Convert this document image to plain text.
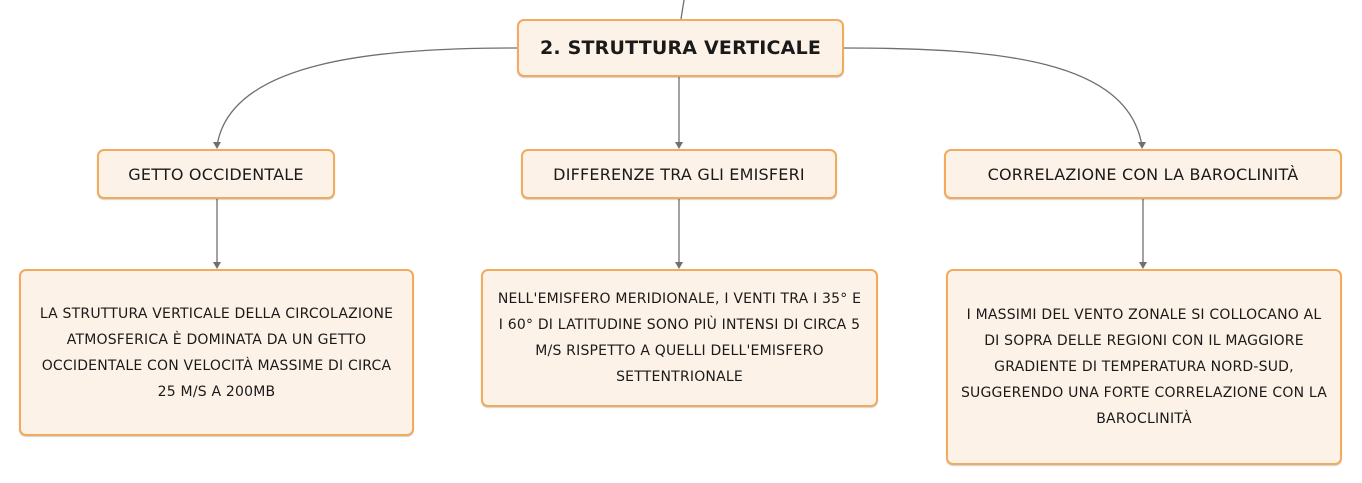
2. STRUTTURA VERTICALE
GETTO OCCIDENTALE	DIFFERENZE TRA GLI EMISFERI	CORRELAZIONE CON LA BAROCLINITÀ
LA STRUTTURA VERTICALE DELLA CIRCOLAZIONE ATMOSFERICA È DOMINATA DA UN GETTO OCCIDENTALE CON VELOCITÀ MASSIME DI CIRCA 25 M/S A 200MB
NELL'EMISFERO MERIDIONALE, I VENTI TRA I 35° E I 60° DI LATITUDINE SONO PIÙ INTENSI DI CIRCA 5 M/S RISPETTO A QUELLI DELL'EMISFERO SETTENTRIONALE
I MASSIMI DEL VENTO ZONALE SI COLLOCANO AL DI SOPRA DELLE REGIONI CON IL MAGGIORE GRADIENTE DI TEMPERATURA NORD-SUD, SUGGERENDO UNA FORTE CORRELAZIONE CON LA BAROCLINITÀ
